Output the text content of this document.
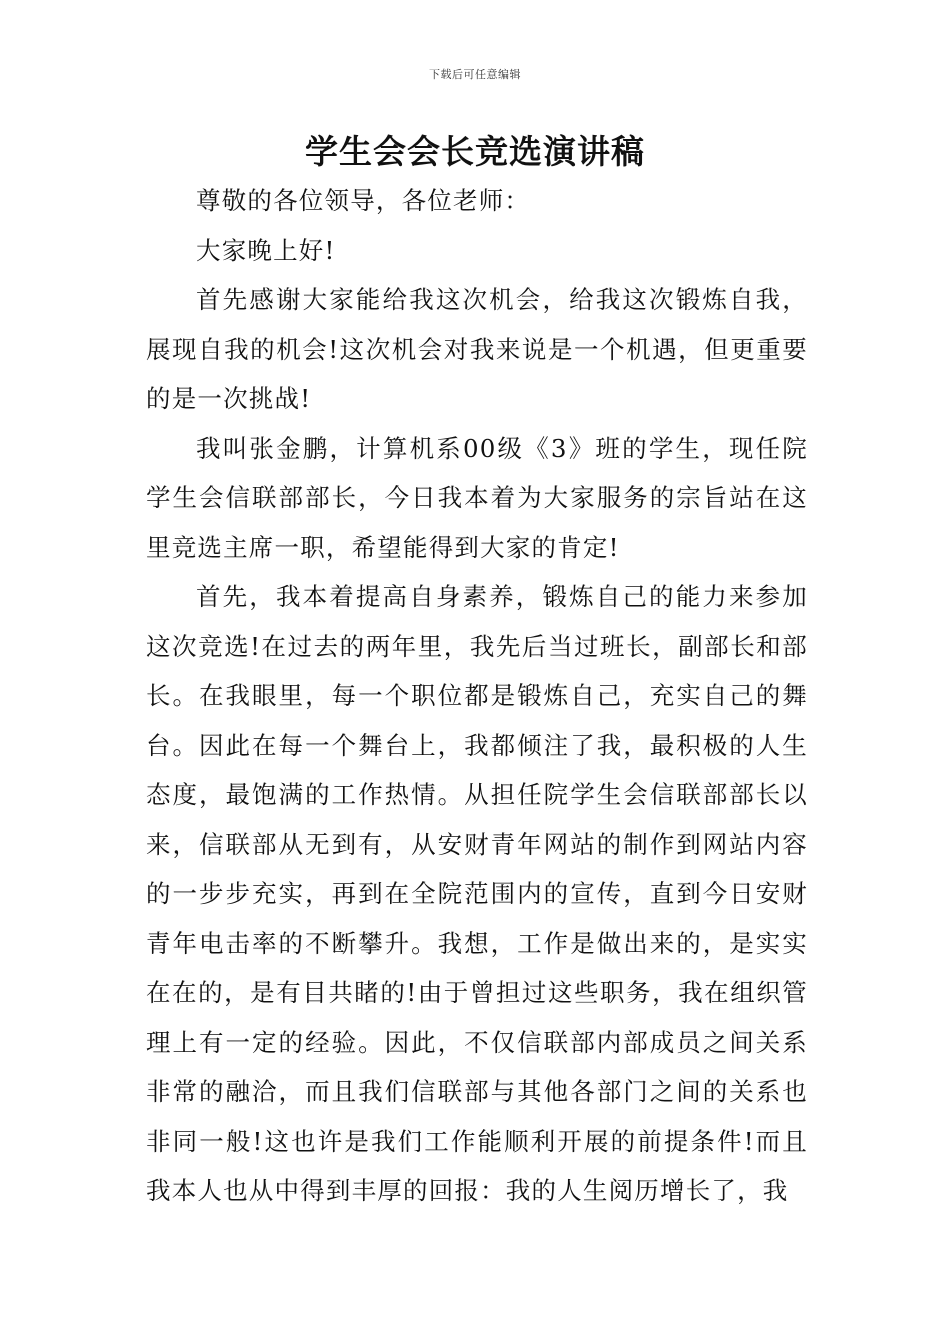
下载后可任意编辑
学生会会长竞选演讲稿

尊敬的各位领导，各位老师：

大家晚上好!

首先感谢大家能给我这次机会，给我这次锻炼自我，展现自我的机会!这次机会对我来说是一个机遇，但更重要的是一次挑战!

我叫张金鹏，计算机系00级《3》班的学生，现任院学生会信联部部长，今日我本着为大家服务的宗旨站在这里竞选主席一职，希望能得到大家的肯定!

首先，我本着提高自身素养，锻炼自己的能力来参加这次竞选!在过去的两年里，我先后当过班长，副部长和部长。在我眼里，每一个职位都是锻炼自己，充实自己的舞台。因此在每一个舞台上，我都倾注了我，最积极的人生态度，最饱满的工作热情。从担任院学生会信联部部长以来，信联部从无到有，从安财青年网站的制作到网站内容的一步步充实，再到在全院范围内的宣传，直到今日安财青年电击率的不断攀升。我想，工作是做出来的，是实实在在的，是有目共睹的!由于曾担过这些职务，我在组织管理上有一定的经验。因此，不仅信联部内部成员之间关系非常的融洽，而且我们信联部与其他各部门之间的关系也非同一般!这也许是我们工作能顺利开展的前提条件!而且我本人也从中得到丰厚的回报：我的人生阅历增长了，我
